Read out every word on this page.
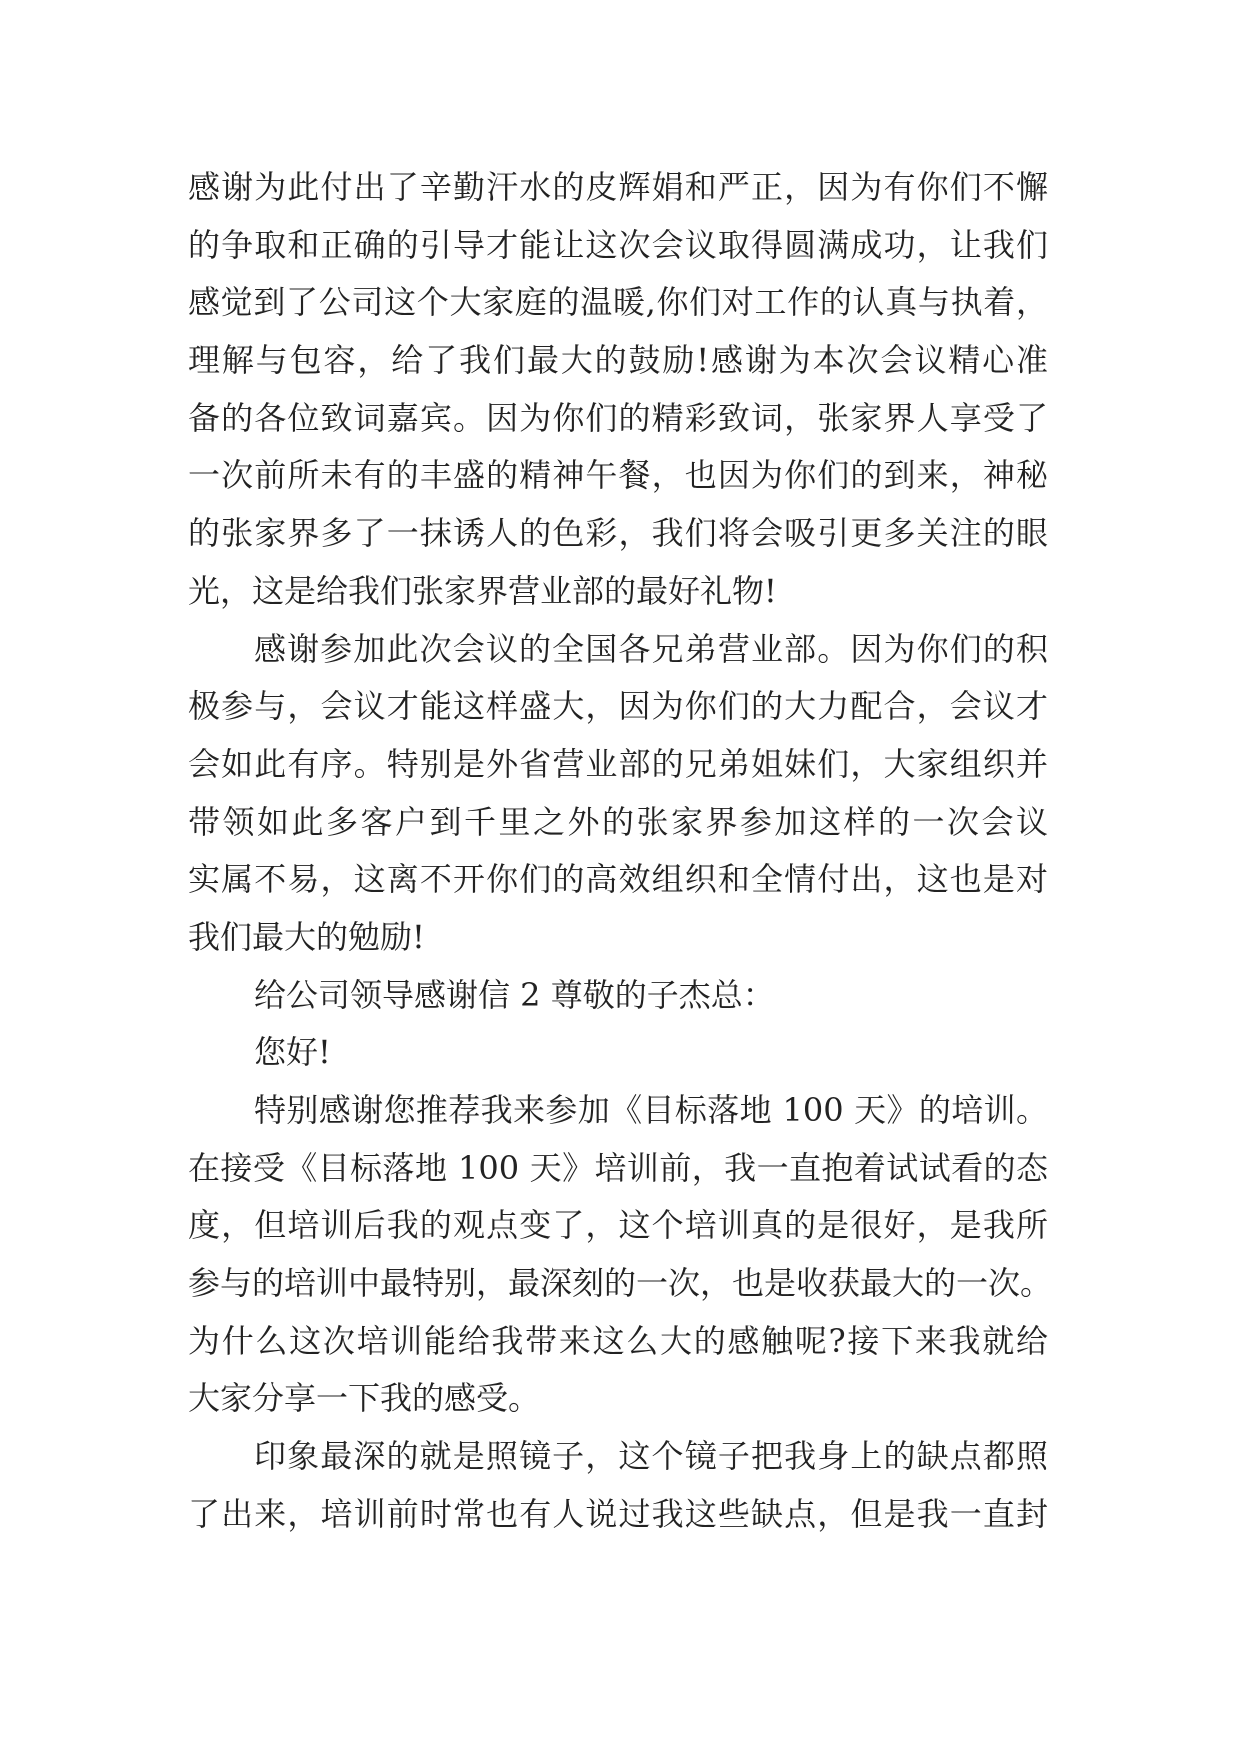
感谢为此付出了辛勤汗水的皮辉娟和严正，因为有你们不懈
的争取和正确的引导才能让这次会议取得圆满成功，让我们
感觉到了公司这个大家庭的温暖,你们对工作的认真与执着，
理解与包容，给了我们最大的鼓励!感谢为本次会议精心准
备的各位致词嘉宾。因为你们的精彩致词，张家界人享受了
一次前所未有的丰盛的精神午餐，也因为你们的到来，神秘
的张家界多了一抹诱人的色彩，我们将会吸引更多关注的眼
光，这是给我们张家界营业部的最好礼物!
感谢参加此次会议的全国各兄弟营业部。因为你们的积
极参与，会议才能这样盛大，因为你们的大力配合，会议才
会如此有序。特别是外省营业部的兄弟姐妹们，大家组织并
带领如此多客户到千里之外的张家界参加这样的一次会议
实属不易，这离不开你们的高效组织和全情付出，这也是对
我们最大的勉励!
给公司领导感谢信 2 尊敬的子杰总：
您好!
特别感谢您推荐我来参加《目标落地 100 天》的培训。
在接受《目标落地 100 天》培训前，我一直抱着试试看的态
度，但培训后我的观点变了，这个培训真的是很好，是我所
参与的培训中最特别，最深刻的一次，也是收获最大的一次。
为什么这次培训能给我带来这么大的感触呢?接下来我就给
大家分享一下我的感受。
印象最深的就是照镜子，这个镜子把我身上的缺点都照
了出来，培训前时常也有人说过我这些缺点，但是我一直封
